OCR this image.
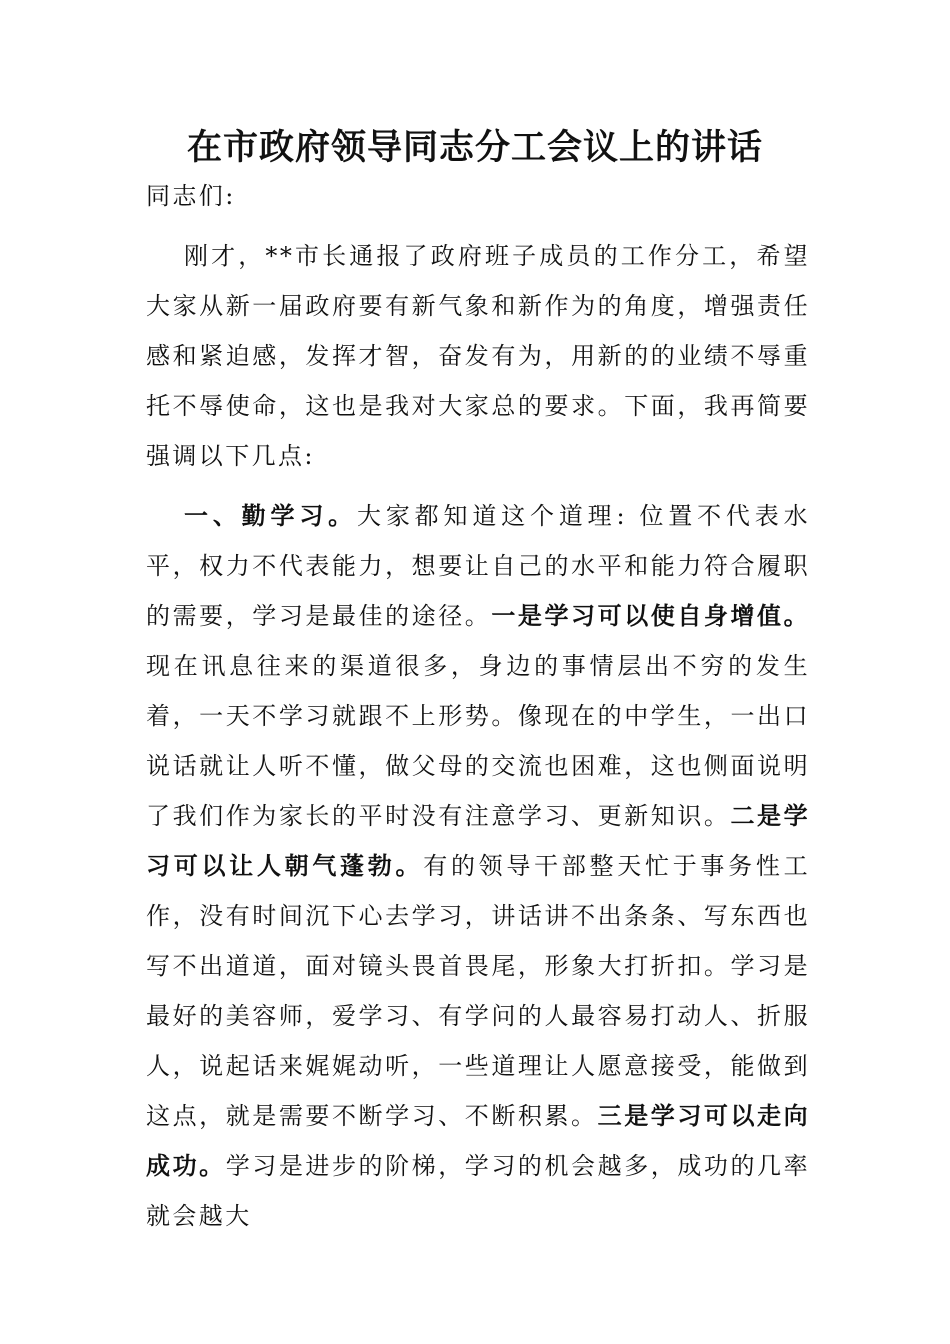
在市政府领导同志分工会议上的讲话

同志们:

刚才，**市长通报了政府班子成员的工作分工，希望大家从新一届政府要有新气象和新作为的角度，增强责任感和紧迫感，发挥才智，奋发有为，用新的的业绩不辱重托不辱使命，这也是我对大家总的要求。下面，我再简要强调以下几点:

一、勤学习。大家都知道这个道理: 位置不代表水平，权力不代表能力，想要让自己的水平和能力符合履职的需要，学习是最佳的途径。一是学习可以使自身增值。现在讯息往来的渠道很多，身边的事情层出不穷的发生着，一天不学习就跟不上形势。像现在的中学生，一出口说话就让人听不懂，做父母的交流也困难，这也侧面说明了我们作为家长的平时没有注意学习、更新知识。二是学习可以让人朝气蓬勃。有的领导干部整天忙于事务性工作，没有时间沉下心去学习，讲话讲不出条条、写东西也写不出道道，面对镜头畏首畏尾，形象大打折扣。学习是最好的美容师，爱学习、有学问的人最容易打动人、折服人，说起话来娓娓动听，一些道理让人愿意接受，能做到这点，就是需要不断学习、不断积累。三是学习可以走向成功。学习是进步的阶梯，学习的机会越多，成功的几率就会越大
